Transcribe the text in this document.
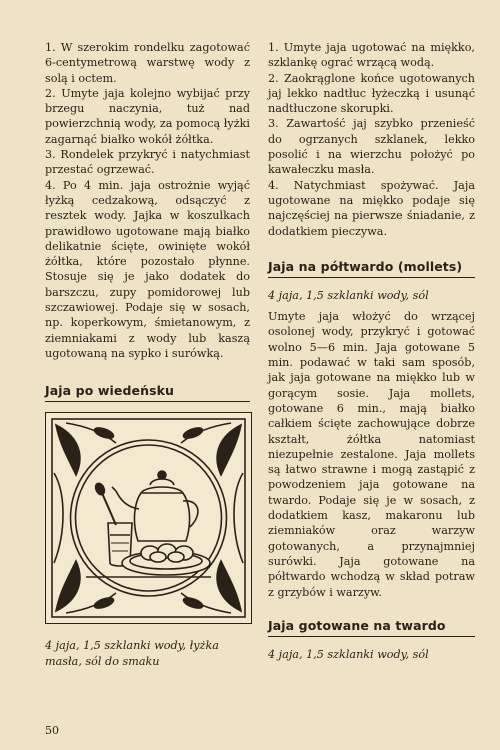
1. W szerokim rondelku zagotować 6-centymetrową warstwę wody z solą i octem.

2. Umyte jaja kolejno wybijać przy brzegu naczynia, tuż nad powierzchnią wody, za pomocą łyżki zagarnąć białko wokół żółtka.

3. Rondelek przykryć i natychmiast przestać ogrzewać.

4. Po 4 min. jaja ostrożnie wyjąć łyżką cedzakową, odsączyć z resztek wody. Jajka w koszulkach prawidłowo ugotowane mają białko delikatnie ścięte, owinięte wokół żółtka, które pozostało płynne. Stosuje się je jako dodatek do barszczu, zupy pomidorowej lub szczawiowej. Podaje się w sosach, np. koperkowym, śmietanowym, z ziemniakami z wody lub kaszą ugotowaną na sypko i surówką.

Jaja po wiedeńsku

4 jaja, 1,5 szklanki wody, łyżka masła, sól do smaku

1. Umyte jaja ugotować na miękko, szklankę ograć wrzącą wodą.

2. Zaokrąglone końce ugotowanych jaj lekko nadtłuc łyżeczką i usunąć nadtłuczone skorupki.

3. Zawartość jaj szybko przenieść do ogrzanych szklanek, lekko posolić i na wierzchu położyć po kawałeczku masła.

4. Natychmiast spożywać. Jaja ugotowane na miękko podaje się najczęściej na pierwsze śniadanie, z dodatkiem pieczywa.

Jaja na półtwardo (mollets)

4 jaja, 1,5 szklanki wody, sól

Umyte jaja włożyć do wrzącej osolonej wody, przykryć i gotować wolno 5—6 min. Jaja gotowane 5 min. podawać w taki sam sposób, jak jaja gotowane na miękko lub w gorącym sosie. Jaja mollets, gotowane 6 min., mają białko całkiem ścięte zachowujące dobrze kształt, żółtka natomiast niezupełnie zestalone. Jaja mollets są łatwo strawne i mogą zastąpić z powodzeniem jaja gotowane na twardo. Podaje się je w sosach, z dodatkiem kasz, makaronu lub ziemniaków oraz warzyw gotowanych, a przynajmniej surówki. Jaja gotowane na półtwardo wchodzą w skład potraw z grzybów i warzyw.

Jaja gotowane na twardo

4 jaja, 1,5 szklanki wody, sól

50
